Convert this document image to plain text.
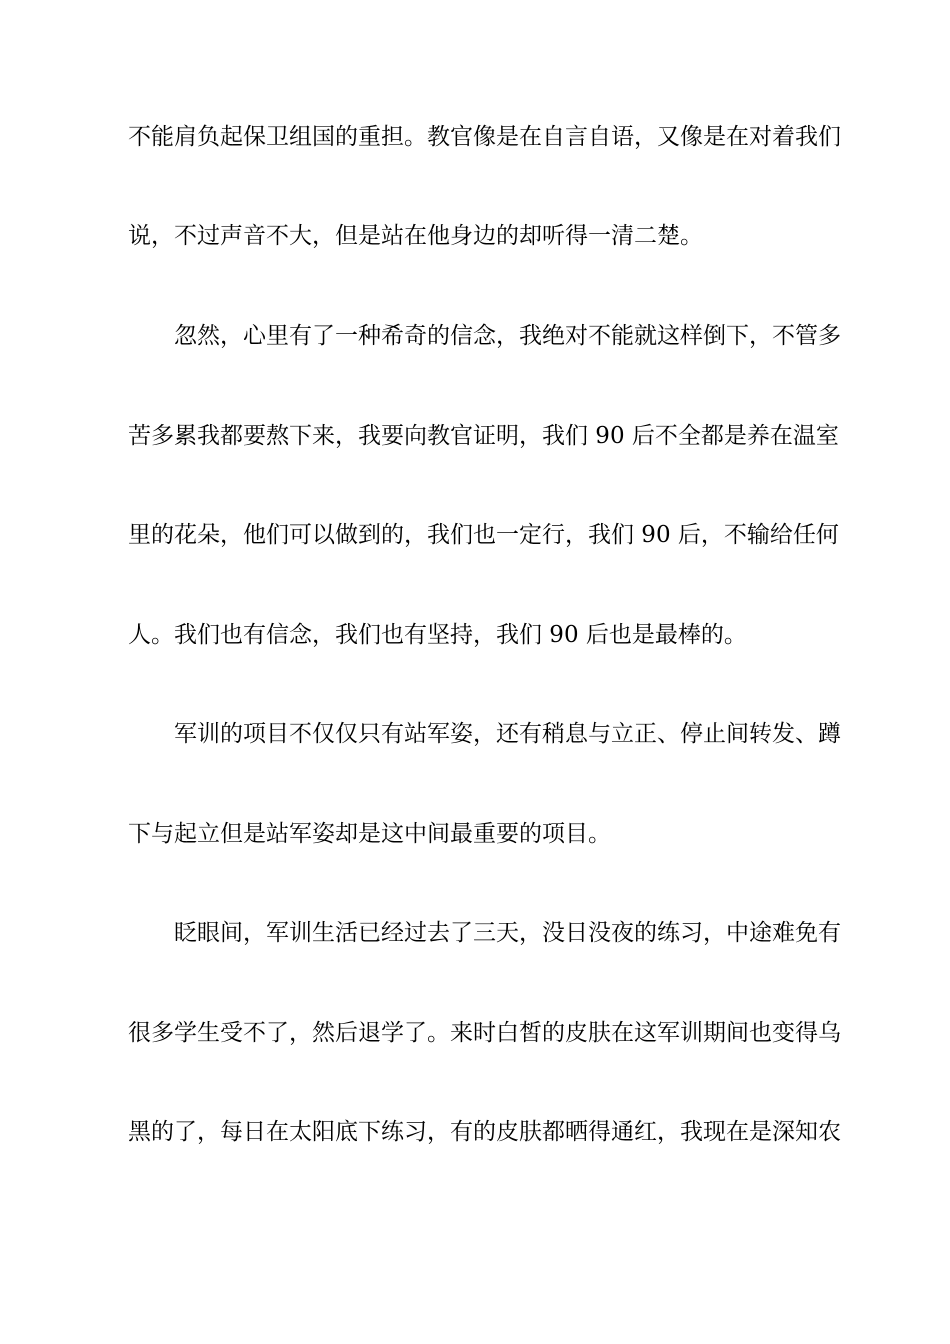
不能肩负起保卫组国的重担。教官像是在自言自语，又像是在对着我们
说，不过声音不大，但是站在他身边的却听得一清二楚。
忽然，心里有了一种希奇的信念，我绝对不能就这样倒下，不管多
苦多累我都要熬下来，我要向教官证明，我们 90 后不全都是养在温室
里的花朵，他们可以做到的，我们也一定行，我们 90 后，不输给任何
人。我们也有信念，我们也有坚持，我们 90 后也是最棒的。
军训的项目不仅仅只有站军姿，还有稍息与立正、停止间转发、蹲
下与起立但是站军姿却是这中间最重要的项目。
眨眼间，军训生活已经过去了三天，没日没夜的练习，中途难免有
很多学生受不了，然后退学了。来时白皙的皮肤在这军训期间也变得乌
黑的了，每日在太阳底下练习，有的皮肤都晒得通红，我现在是深知农
